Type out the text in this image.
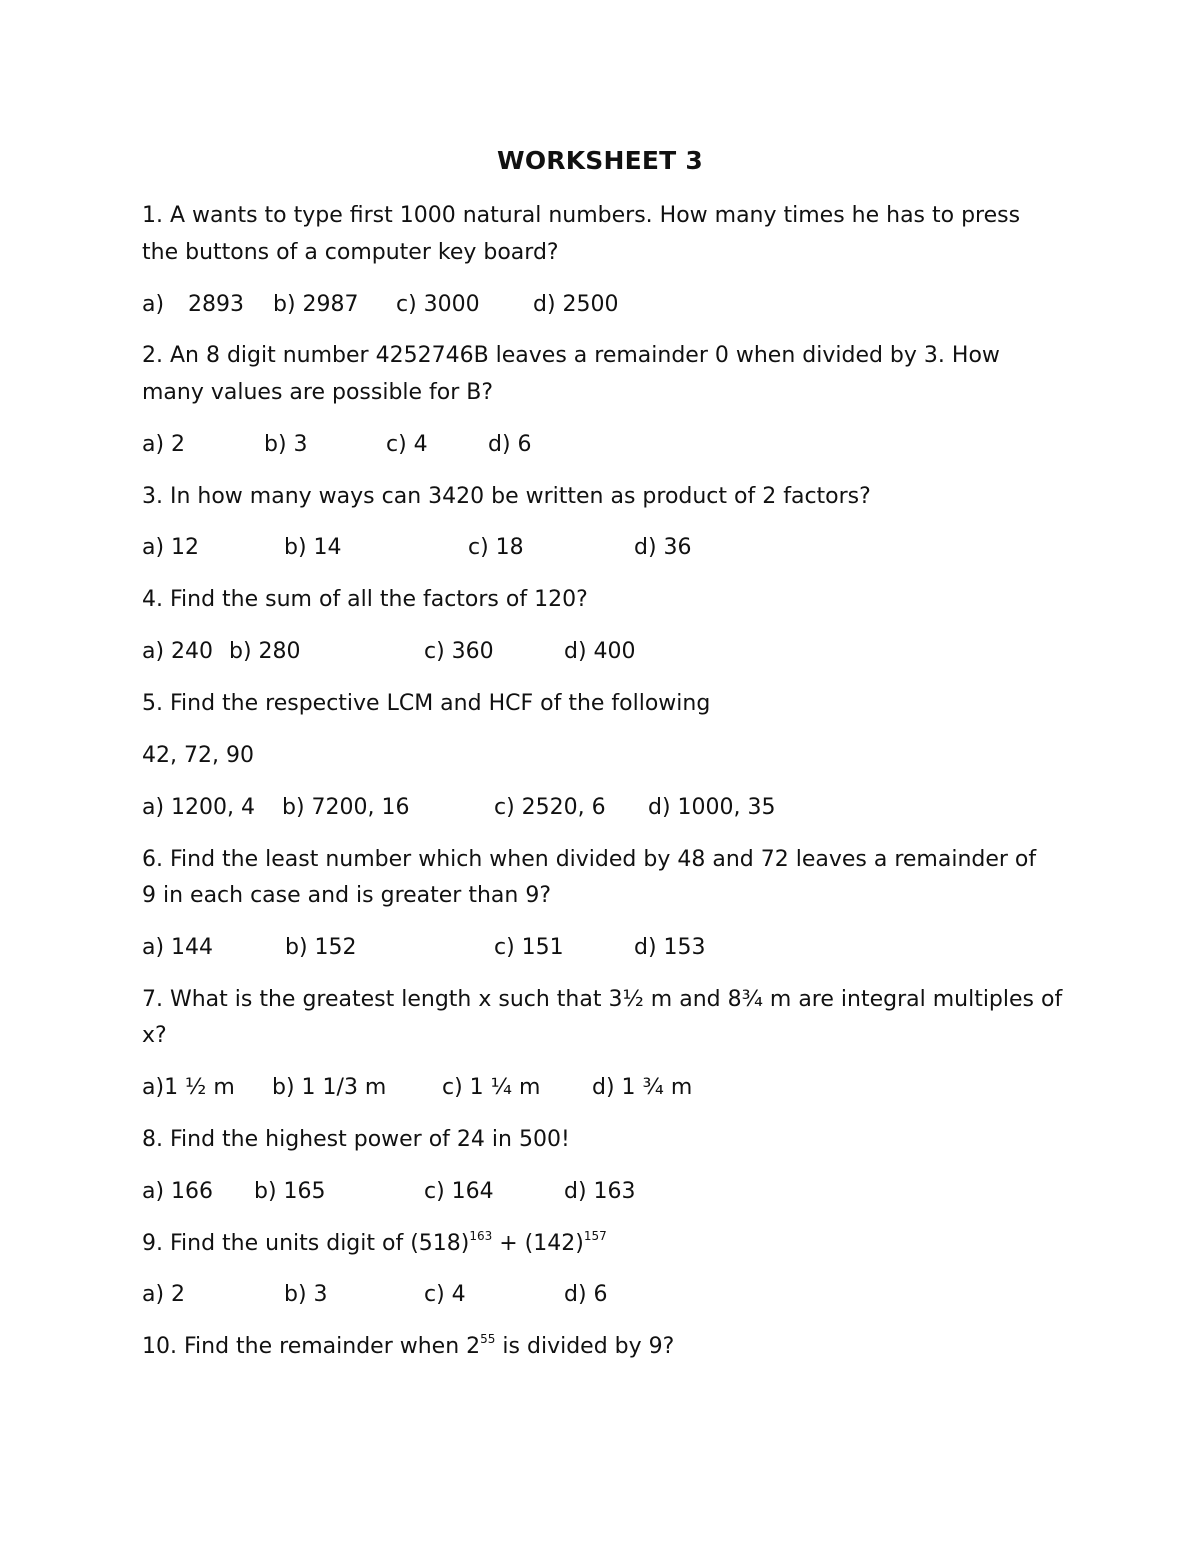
WORKSHEET 3
1. A wants to type first 1000 natural numbers. How many times he has to press
the buttons of a computer key board?
a) 2893 b) 2987 c) 3000 d) 2500
2. An 8 digit number 4252746B leaves a remainder 0 when divided by 3. How
many values are possible for B?
a) 2	b) 3	c) 4	d) 6
3. In how many ways can 3420 be written as product of 2 factors?
a) 12	b) 14	c) 18	d) 36
4. Find the sum of all the factors of 120?
a) 240 b) 280	c) 360	d) 400
5. Find the respective LCM and HCF of the following
42, 72, 90
a) 1200, 4 b) 7200, 16	c) 2520, 6 d) 1000, 35
6. Find the least number which when divided by 48 and 72 leaves a remainder of
9 in each case and is greater than 9?
a) 144	b) 152	c) 151	d) 153
7. What is the greatest length x such that 3½ m and 8¾ m are integral multiples of
x?
a)1 ½ m b) 1 1/3 m	c) 1 ¼ m d) 1 ¾ m
8. Find the highest power of 24 in 500!
a) 166 b) 165	c) 164	d) 163
9. Find the units digit of $(518)^{163} + (142)^{157}$
a) 2	b) 3	c) 4	d) 6
10. Find the remainder when $2^{55}$ is divided by 9?
